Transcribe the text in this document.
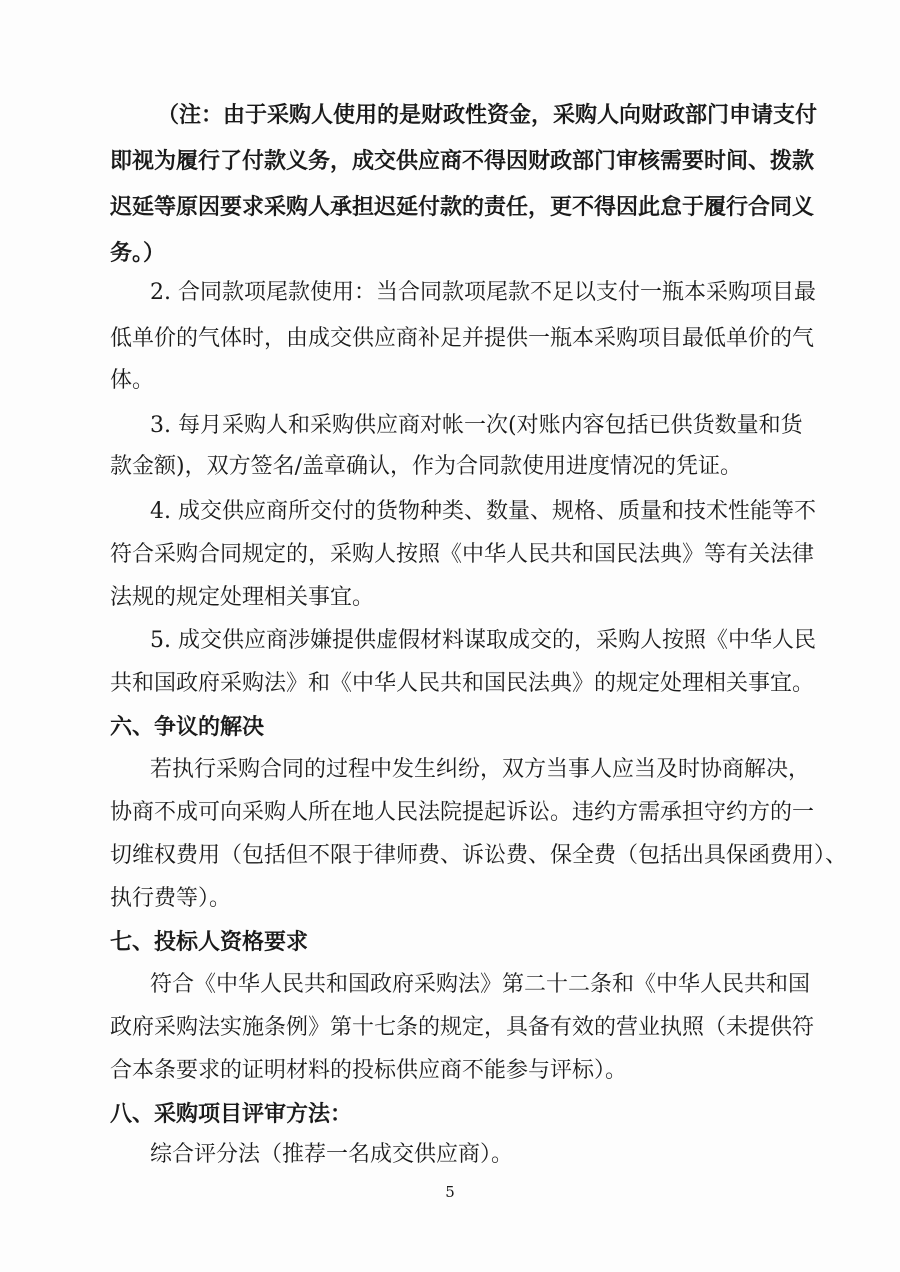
（注：由于采购人使用的是财政性资金，采购人向财政部门申请支付
即视为履行了付款义务，成交供应商不得因财政部门审核需要时间、拨款
迟延等原因要求采购人承担迟延付款的责任，更不得因此怠于履行合同义
务。）
2. 合同款项尾款使用：当合同款项尾款不足以支付一瓶本采购项目最
低单价的气体时，由成交供应商补足并提供一瓶本采购项目最低单价的气
体。
3. 每月采购人和采购供应商对帐一次(对账内容包括已供货数量和货
款金额)，双方签名/盖章确认，作为合同款使用进度情况的凭证。
4. 成交供应商所交付的货物种类、数量、规格、质量和技术性能等不
符合采购合同规定的，采购人按照《中华人民共和国民法典》等有关法律
法规的规定处理相关事宜。
5. 成交供应商涉嫌提供虚假材料谋取成交的，采购人按照《中华人民
共和国政府采购法》和《中华人民共和国民法典》的规定处理相关事宜。
六、争议的解决
若执行采购合同的过程中发生纠纷，双方当事人应当及时协商解决，
协商不成可向采购人所在地人民法院提起诉讼。违约方需承担守约方的一
切维权费用（包括但不限于律师费、诉讼费、保全费（包括出具保函费用）、
执行费等）。
七、投标人资格要求
符合《中华人民共和国政府采购法》第二十二条和《中华人民共和国
政府采购法实施条例》第十七条的规定，具备有效的营业执照（未提供符
合本条要求的证明材料的投标供应商不能参与评标）。
八、采购项目评审方法：
综合评分法（推荐一名成交供应商）。
5
